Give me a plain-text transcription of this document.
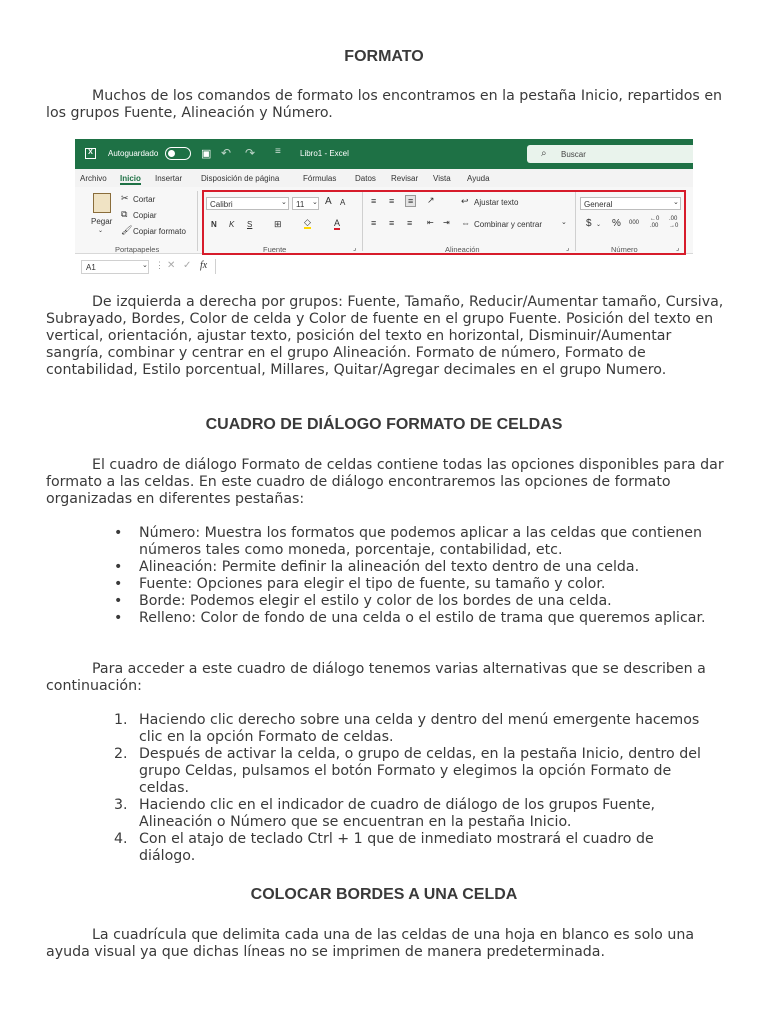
FORMATO

Muchos de los comandos de formato los encontramos en la pestaña Inicio, repartidos en los grupos Fuente, Alineación y Número.

X	Autoguardado	▣ ↶ ↷ ≡ Libro1 - Excel	⌕ Buscar
Archivo Inicio Insertar Disposición de página	Fórmulas Datos Revisar Vista Ayuda
Pegar
⌄
✂ Cortar
⧉ Copiar
🖌 Copiar formato
Portapapeles
Calibri	⌄ 11 ⌄ A A
N K S ⊞ ◇	A
Fuente	⌟
≡ ≡	≡	↗	↩ Ajustar texto
≡ ≡ ≡ ⇤ ⇥ ⇔ Combinar y centrar	⌄
Alineación	⌟
General	⌄
$ ⌄ % 000
←0
.00
.00
→0
Número	⌟
A1	⌄ ⋮ ✕ ✓ fx

De izquierda a derecha por grupos: Fuente, Tamaño, Reducir/Aumentar tamaño, Cursiva, Subrayado, Bordes, Color de celda y Color de fuente en el grupo Fuente. Posición del texto en vertical, orientación, ajustar texto, posición del texto en horizontal, Disminuir/Aumentar sangría, combinar y centrar en el grupo Alineación. Formato de número, Formato de contabilidad, Estilo porcentual, Millares, Quitar/Agregar decimales en el grupo Numero.

CUADRO DE DIÁLOGO FORMATO DE CELDAS

El cuadro de diálogo Formato de celdas contiene todas las opciones disponibles para dar formato a las celdas. En este cuadro de diálogo encontraremos las opciones de formato organizadas en diferentes pestañas:

• Número: Muestra los formatos que podemos aplicar a las celdas que contienen números tales como moneda, porcentaje, contabilidad, etc.
• Alineación: Permite definir la alineación del texto dentro de una celda.
• Fuente: Opciones para elegir el tipo de fuente, su tamaño y color.
• Borde: Podemos elegir el estilo y color de los bordes de una celda.
• Relleno: Color de fondo de una celda o el estilo de trama que queremos aplicar.

Para acceder a este cuadro de diálogo tenemos varias alternativas que se describen a continuación:

1. Haciendo clic derecho sobre una celda y dentro del menú emergente hacemos clic en la opción Formato de celdas.
2. Después de activar la celda, o grupo de celdas, en la pestaña Inicio, dentro del grupo Celdas, pulsamos el botón Formato y elegimos la opción Formato de celdas.
3. Haciendo clic en el indicador de cuadro de diálogo de los grupos Fuente, Alineación o Número que se encuentran en la pestaña Inicio.
4. Con el atajo de teclado Ctrl + 1 que de inmediato mostrará el cuadro de diálogo.
COLOCAR BORDES A UNA CELDA

La cuadrícula que delimita cada una de las celdas de una hoja en blanco es solo una ayuda visual ya que dichas líneas no se imprimen de manera predeterminada.
